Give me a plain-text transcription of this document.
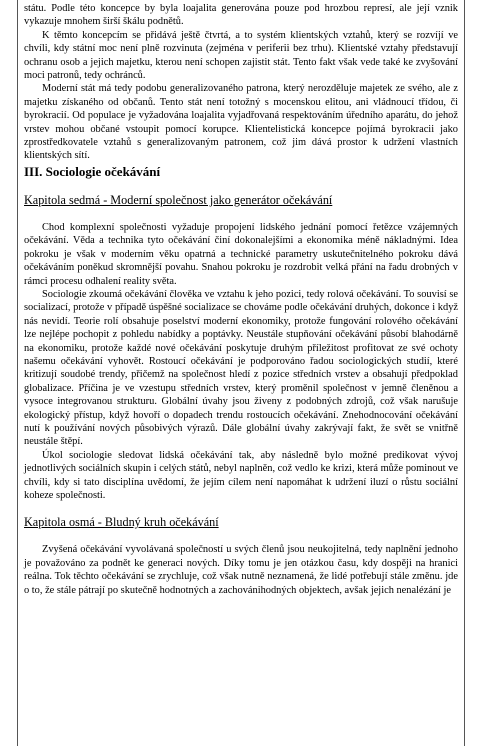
státu. Podle této koncepce by byla loajalita generována pouze pod hrozbou represí, ale její vznik vykazuje mnohem širší škálu podnětů.

K těmto koncepcím se přidává ještě čtvrtá, a to systém klientských vztahů, který se rozvíjí ve chvíli, kdy státní moc není plně rozvinuta (zejména v periferii bez trhu). Klientské vztahy představují ochranu osob a jejich majetku, kterou není schopen zajistit stát. Tento fakt však vede také ke zvyšování moci patronů, tedy ochránců.

Moderní stát má tedy podobu generalizovaného patrona, který nerozděluje majetek ze svého, ale z majetku získaného od občanů. Tento stát není totožný s mocenskou elitou, ani vládnoucí třídou, či byrokracií. Od populace je vyžadována loajalita vyjadřovaná respektováním úředního aparátu, do jehož vrstev mohou občané vstoupit pomocí korupce. Klientelistická koncepce pojímá byrokracii jako zprostředkovatele vztahů s generalizovaným patronem, což jim dává prostor k udržení vlastních klientských sítí.

III. Sociologie očekávání
Kapitola sedmá - Moderní společnost jako generátor očekávání

Chod komplexní společnosti vyžaduje propojení lidského jednání pomocí řetězce vzájemných očekávání. Věda a technika tyto očekávání činí dokonalejšími a ekonomika méně nákladnými. Idea pokroku je však v moderním věku opatrná a technické parametry uskutečnitelného pokroku dává očekáváním poněkud skromnější povahu. Snahou pokroku je rozdrobit velká přání na řadu drobných v rámci procesu odhalení reality světa.

Sociologie zkoumá očekávání člověka ve vztahu k jeho pozici, tedy rolová očekávání. To souvisí se socializací, protože v případě úspěšné socializace se chováme podle očekávání druhých, dokonce i když nás nevidí. Teorie rolí obsahuje poselství moderní ekonomiky, protože fungování rolového očekávání lze nejlépe pochopit z pohledu nabídky a poptávky. Neustále stupňování očekávání působí blahodárně na ekonomiku, protože každé nové očekávání poskytuje druhým příležitost profitovat ze své ochoty našemu očekávání vyhovět. Rostoucí očekávání je podporováno řadou sociologických studií, které kritizují soudobé trendy, přičemž na společnost hledí z pozice středních vrstev a obsahují předpoklad globalizace. Příčina je ve vzestupu středních vrstev, který proměnil společnost v jemně členěnou a vysoce integrovanou strukturu. Globální úvahy jsou živeny z podobných zdrojů, což však narušuje ekologický přístup, když hovoří o dopadech trendu rostoucích očekávání. Znehodnocování očekávání nutí k používání nových působivých výrazů. Dále globální úvahy zakrývají fakt, že svět se vnitřně neustále štěpí.

Úkol sociologie sledovat lidská očekávání tak, aby následně bylo možné predikovat vývoj jednotlivých sociálních skupin i celých států, nebyl naplněn, což vedlo ke krizi, která může pominout ve chvíli, kdy si tato disciplína uvědomí, že jejím cílem není napomáhat k udržení iluzí o růstu sociální koheze společnosti.

Kapitola osmá - Bludný kruh očekávání

Zvyšená očekávání vyvolávaná společností u svých členů jsou neukojitelná, tedy naplnění jednoho je považováno za podnět ke generaci nových. Díky tomu je jen otázkou času, kdy dospěji na hranici reálna. Tok těchto očekávání se zrychluje, což však nutně neznamená, že lidé potřebují stále změnu. jde o to, že stále pátrají po skutečně hodnotných a zachovánihodných objektech, avšak jejich nenalézání je
